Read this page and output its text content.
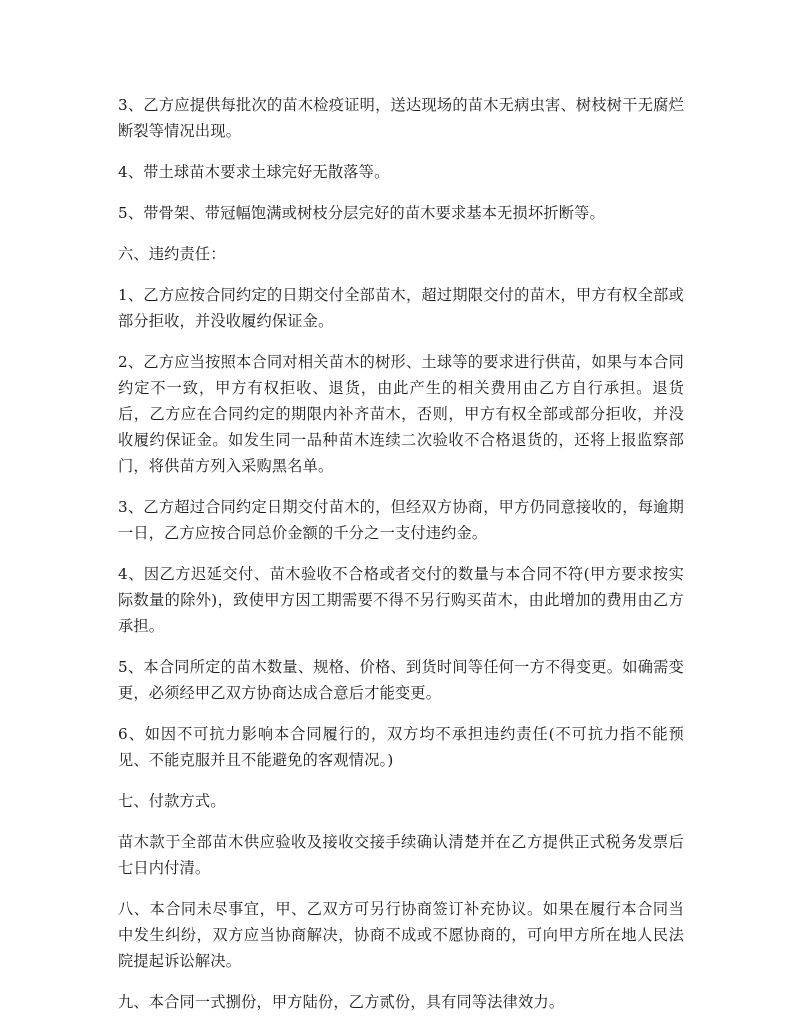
3、乙方应提供每批次的苗木检疫证明，送达现场的苗木无病虫害、树枝树干无腐烂断裂等情况出现。

4、带土球苗木要求土球完好无散落等。

5、带骨架、带冠幅饱满或树枝分层完好的苗木要求基本无损坏折断等。

六、违约责任：

1、乙方应按合同约定的日期交付全部苗木，超过期限交付的苗木，甲方有权全部或部分拒收，并没收履约保证金。

2、乙方应当按照本合同对相关苗木的树形、土球等的要求进行供苗，如果与本合同约定不一致，甲方有权拒收、退货，由此产生的相关费用由乙方自行承担。退货后，乙方应在合同约定的期限内补齐苗木，否则，甲方有权全部或部分拒收，并没收履约保证金。如发生同一品种苗木连续二次验收不合格退货的，还将上报监察部门，将供苗方列入采购黑名单。

3、乙方超过合同约定日期交付苗木的，但经双方协商，甲方仍同意接收的，每逾期一日，乙方应按合同总价金额的千分之一支付违约金。

4、因乙方迟延交付、苗木验收不合格或者交付的数量与本合同不符(甲方要求按实际数量的除外)，致使甲方因工期需要不得不另行购买苗木，由此增加的费用由乙方承担。

5、本合同所定的苗木数量、规格、价格、到货时间等任何一方不得变更。如确需变更，必须经甲乙双方协商达成合意后才能变更。

6、如因不可抗力影响本合同履行的，双方均不承担违约责任(不可抗力指不能预见、不能克服并且不能避免的客观情况。)

七、付款方式。

苗木款于全部苗木供应验收及接收交接手续确认清楚并在乙方提供正式税务发票后七日内付清。

八、本合同未尽事宜，甲、乙双方可另行协商签订补充协议。如果在履行本合同当中发生纠纷，双方应当协商解决，协商不成或不愿协商的，可向甲方所在地人民法院提起诉讼解决。

九、本合同一式捌份，甲方陆份，乙方贰份，具有同等法律效力。
